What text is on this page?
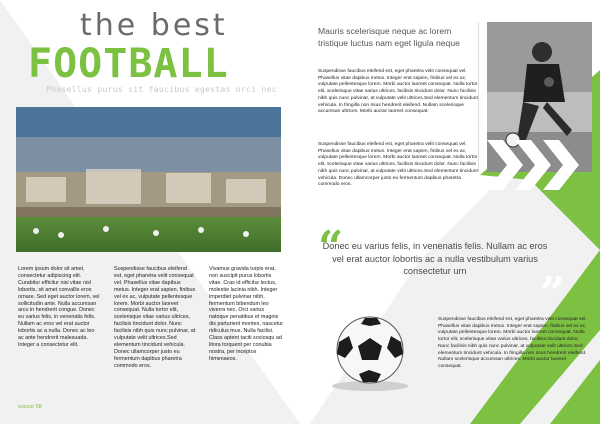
the best
FOOTBALL
Phasellus purus sit faucibus egestas orci nec
Lorem ipsum dolor sit amet, consectetur adipiscing elit. Curabitur efficitur nisi vitae nisl lobortis, sit amet convallis eros ornare. Sed eget auctor lorem, vel sollicitudin ante. Nulla accumsan arcu in hendrerit congue. Donec eu varius felis, in venenatis felis. Nullam ac eros vel erat auctor lobortis ac a nulla. Donec ac leo ac ante hendrerit malesuada. Integer a consectetur elit.
Suspendisse faucibus eleifend est, eget pharetra velit consequat vel. Phasellus vitae dapibus metus. Integer erat sapien, finibus vel ex ac, vulputate pellentesque lorem. Morbi auctor laoreet consequat. Nulla tortor elit, scelerisque vitae varius ultrices, facilisis tincidunt dolor. Nunc facilisis nibh quis nunc pulvinar, at vulputate velit ultrices.Sed elementum tincidunt vehicula. Donec ullamcorper justo eu fermentum dapibus pharetra commodo eros.
Vivamus gravida turpis erat, non suscipit purus lobortis vitae. Cras id efficitur lectus, molestie lacinia nibh. Integer imperdiet pulvinar nibh, fermentum bibendum leo viverra nec. Orci varius natoque penatibus et magnis dis parturient montes, nascetur ridiculus mus. Nulla facilisi. Class aptent taciti sociosqu ad litora torquent per conubia nostra, per inceptos himenaeos.
soccer 08
Mauris scelerisque neque ac lorem tristique luctus nam eget ligula neque
Suspendisse faucibus eleifend est, eget pharetra velit consequat vel. Phasellus vitae dapibus metus. Integer erat sapien, finibus vel ex ac, vulputate pellentesque lorem. Morbi auctor laoreet consequat. Nulla tortor elit, scelerisque vitae varius ultrices, facilisis tincidunt dolor. Nunc facilisis nibh quis nunc pulvinar, at vulputate velit ultrices.Sed elementum tincidunt vehicula. In fringilla non risus hendrerit eleifend. Nullam scelerisque accumsan ultrices. Morbi auctor laoreet consequat.
Suspendisse faucibus eleifend est, eget pharetra velit consequat vel. Phasellus vitae dapibus metus. Integer erat sapien, finibus vel ex ac, vulputate pellentesque lorem. Morbi auctor laoreet consequat. Nulla tortor elit, scelerisque vitae varius ultrices, facilisis tincidunt dolor. Nunc facilisis nibh quis nunc pulvinar, at vulputate velit ultrices.Sed elementum tincidunt vehicula. Donec ullamcorper justo eu fermentum dapibus pharetra commodo eros.
“
Donec eu varius felis, in venenatis felis. Nullam ac eros vel erat auctor lobortis ac a nulla vestibulum varius consectetur urn	”
Suspendisse faucibus eleifend est, eget pharetra velit consequat vel. Phasellus vitae dapibus metus. Integer erat sapien, finibus vel ex ac, vulputate pellentesque lorem. Morbi auctor laoreet consequat. Nulla tortor elit, scelerisque vitae varius ultrices, facilisis tincidunt dolor. Nunc facilisis nibh quis nunc pulvinar, at vulputate velit ultrices.Sed elementum tincidunt vehicula. In fringilla non risus hendrerit eleifend. Nullam scelerisque accumsan ultrices. Morbi auctor laoreet consequat.
